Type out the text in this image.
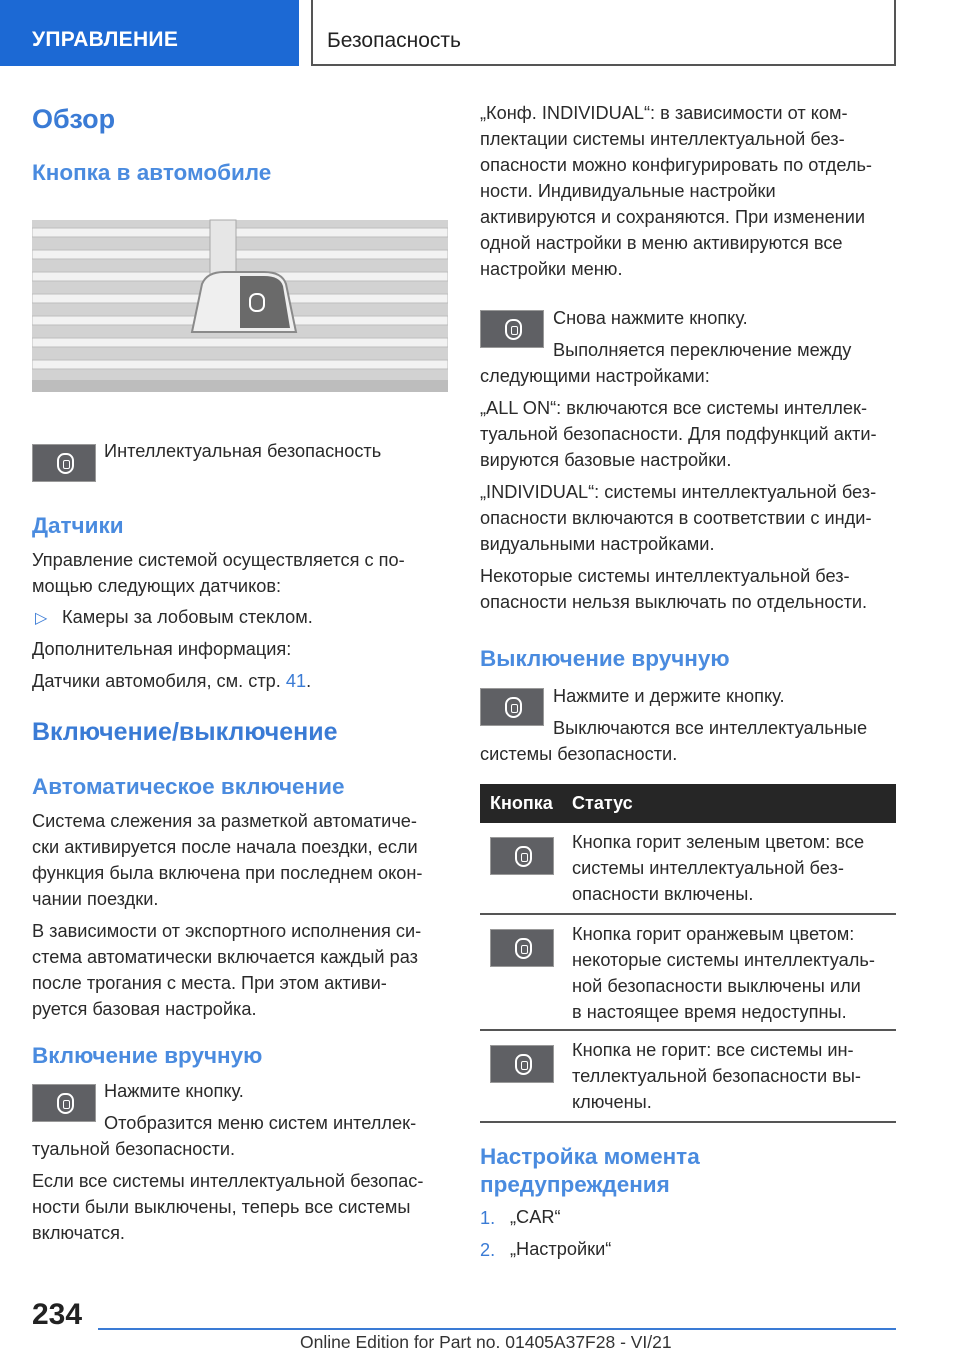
УПРАВЛЕНИЕ	Безопасность
Обзор
Кнопка в автомобиле
Интеллектуальная безопасность
Датчики
Управление системой осуществляется с по-
мощью следующих датчиков:
▷ Камеры за лобовым стеклом.
Дополнительная информация:
Датчики автомобиля, см. стр. 41.
Включение/выключение
Автоматическое включение
Система слежения за разметкой автоматиче-
ски активируется после начала поездки, если
функция была включена при последнем окон-
чании поездки.
В зависимости от экспортного исполнения си-
стема автоматически включается каждый раз
после трогания с места. При этом активи-
руется базовая настройка.
Включение вручную
Нажмите кнопку.
Отобразится меню систем интеллек-
туальной безопасности.
Если все системы интеллектуальной безопас-
ности были выключены, теперь все системы
включатся.
„Конф. INDIVIDUAL“: в зависимости от ком-
плектации системы интеллектуальной без-
опасности можно конфигурировать по отдель-
ности. Индивидуальные настройки
активируются и сохраняются. При изменении
одной настройки в меню активируются все
настройки меню.
Снова нажмите кнопку.
Выполняется переключение между
следующими настройками:
„ALL ON“: включаются все системы интеллек-
туальной безопасности. Для подфункций акти-
вируются базовые настройки.
„INDIVIDUAL“: системы интеллектуальной без-
опасности включаются в соответствии с инди-
видуальными настройками.
Некоторые системы интеллектуальной без-
опасности нельзя выключать по отдельности.
Выключение вручную
Нажмите и держите кнопку.
Выключаются все интеллектуальные
системы безопасности.
Кнопка Статус
Кнопка горит зеленым цветом: все
системы интеллектуальной без-
опасности включены.
Кнопка горит оранжевым цветом:
некоторые системы интеллектуаль-
ной безопасности выключены или
в настоящее время недоступны.
Кнопка не горит: все системы ин-
теллектуальной безопасности вы-
ключены.
Настройка момента
предупреждения
1. „CAR“
2. „Настройки“
234
Online Edition for Part no. 01405A37F28 - VI/21
